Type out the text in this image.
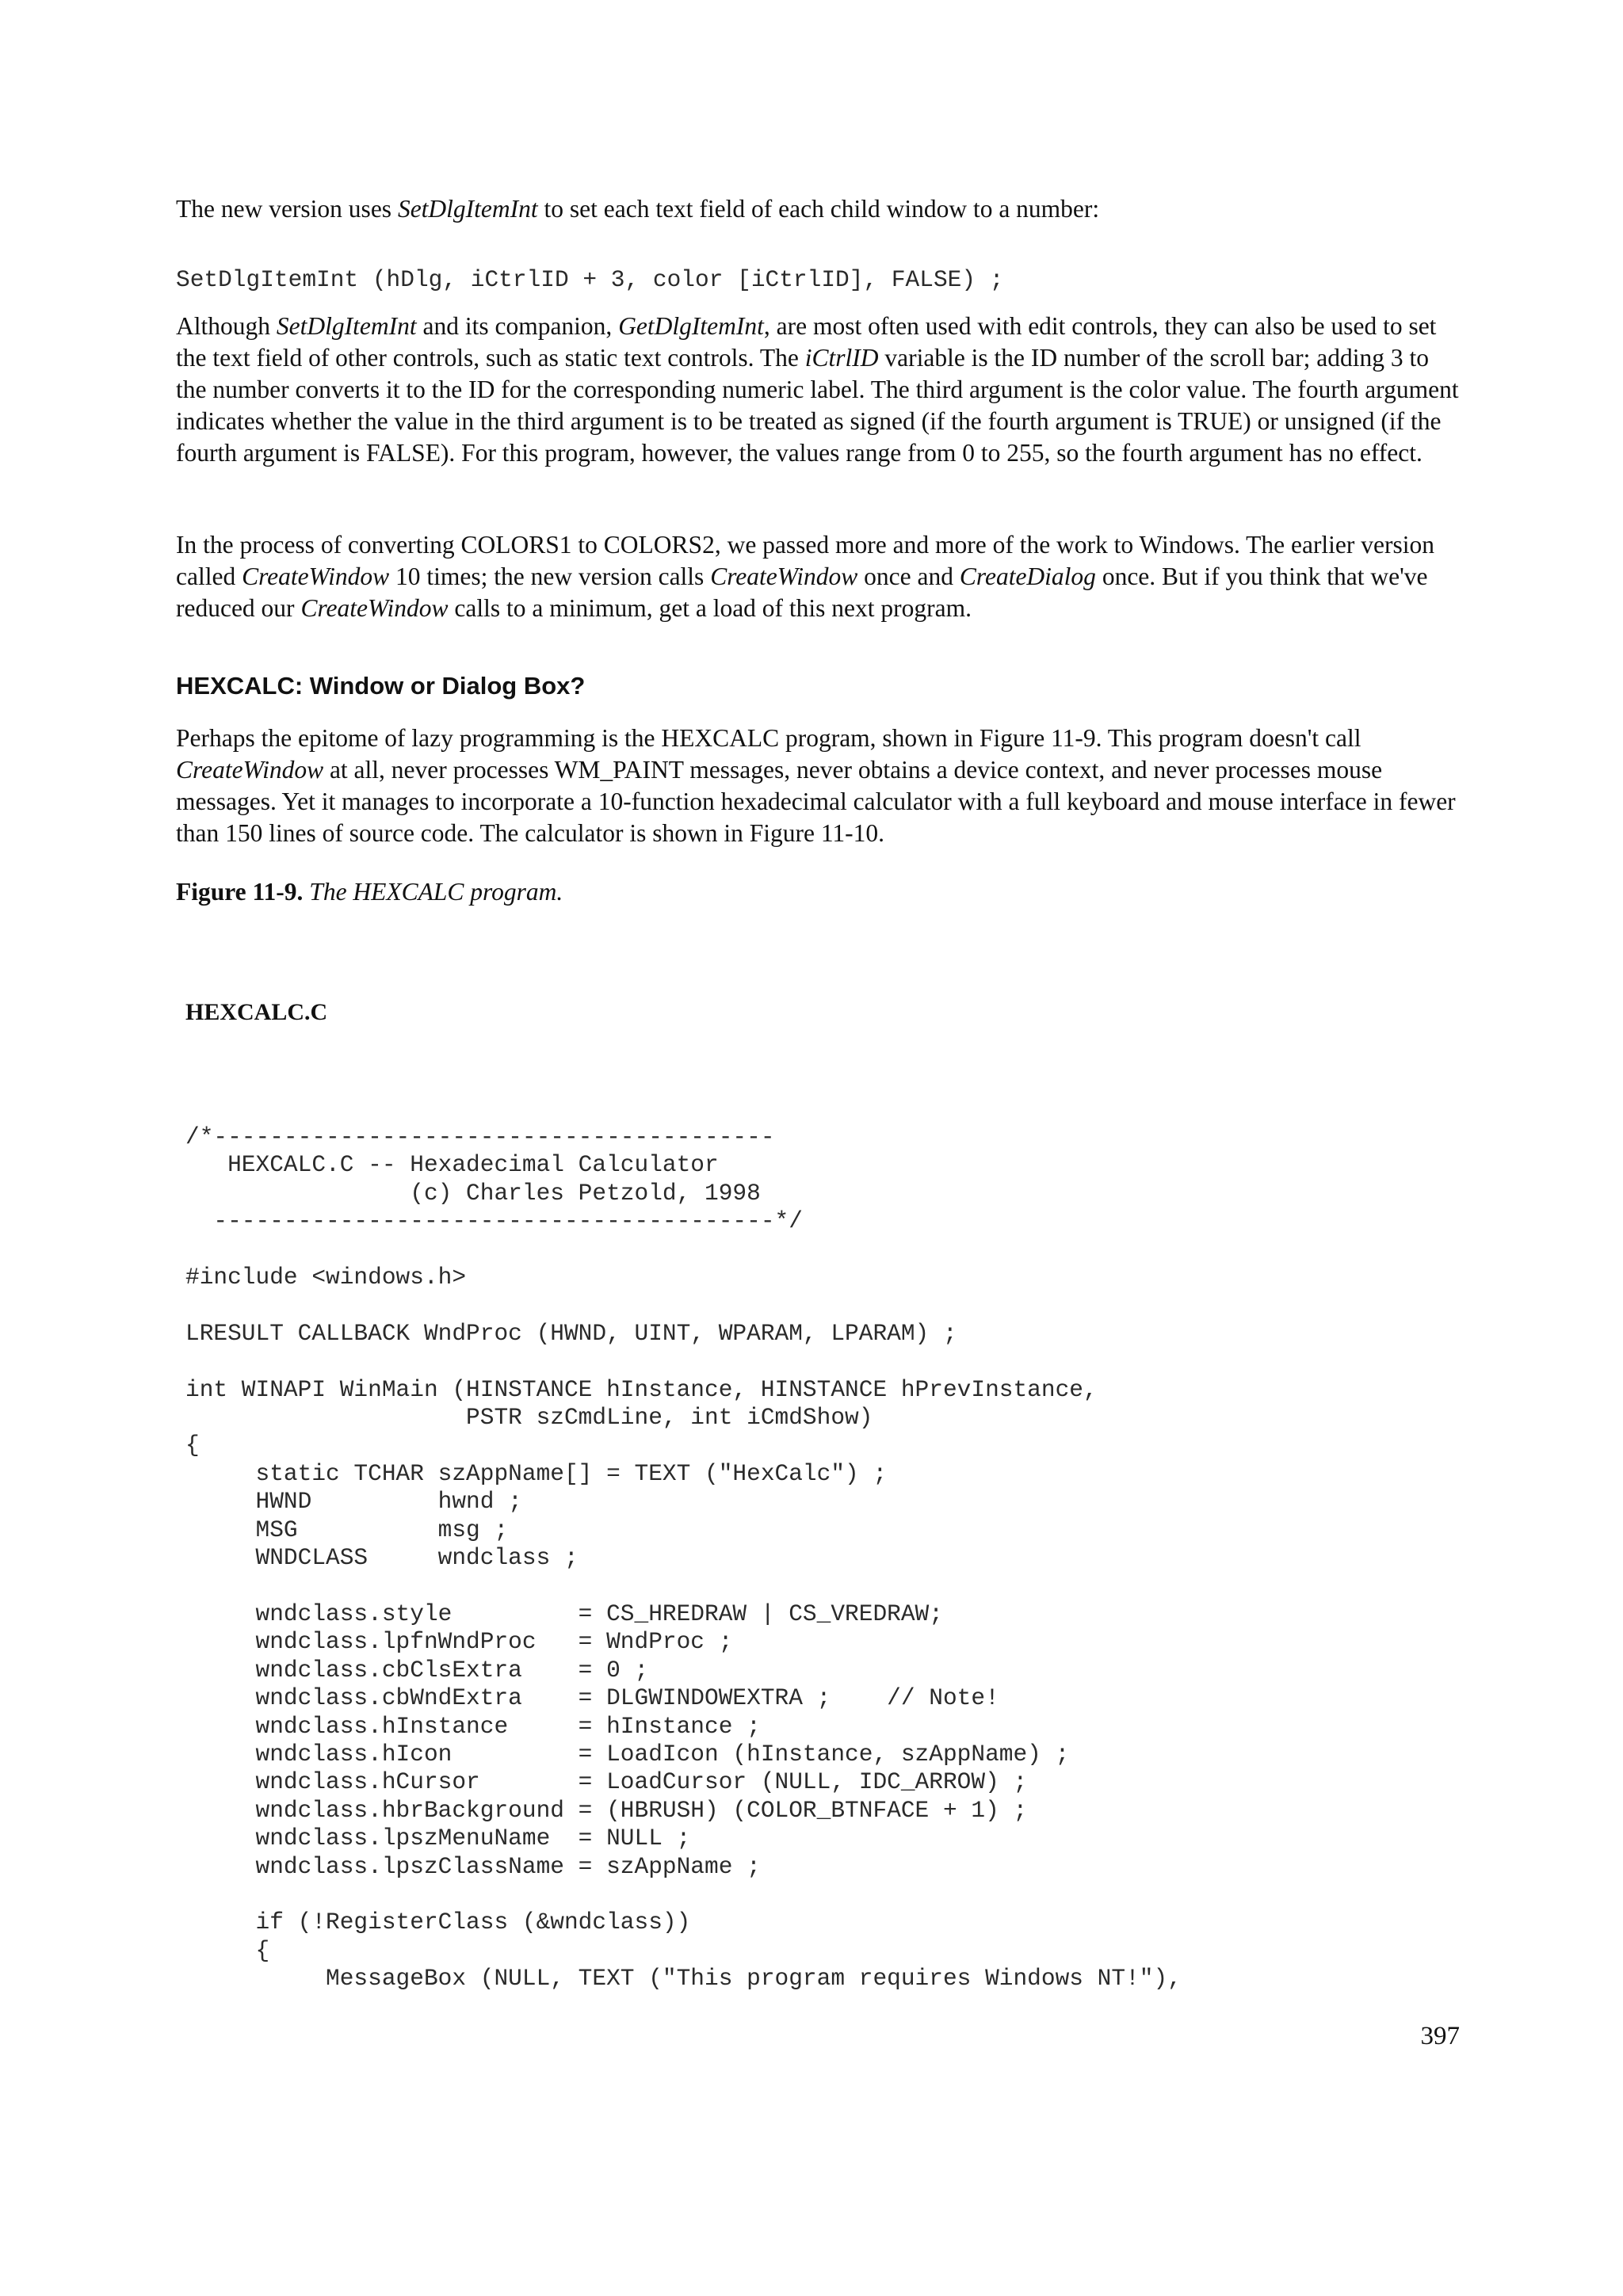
The new version uses SetDlgItemInt to set each text field of each child window to a number:

SetDlgItemInt (hDlg, iCtrlID + 3, color [iCtrlID], FALSE) ;

Although SetDlgItemInt and its companion, GetDlgItemInt, are most often used with edit controls, they can also be used to set the text field of other controls, such as static text controls. The iCtrlID variable is the ID number of the scroll bar; adding 3 to the number converts it to the ID for the corresponding numeric label. The third argument is the color value. The fourth argument indicates whether the value in the third argument is to be treated as signed (if the fourth argument is TRUE) or unsigned (if the fourth argument is FALSE). For this program, however, the values range from 0 to 255, so the fourth argument has no effect.

In the process of converting COLORS1 to COLORS2, we passed more and more of the work to Windows. The earlier version called CreateWindow 10 times; the new version calls CreateWindow once and CreateDialog once. But if you think that we've reduced our CreateWindow calls to a minimum, get a load of this next program.

HEXCALC: Window or Dialog Box?

Perhaps the epitome of lazy programming is the HEXCALC program, shown in Figure 11-9. This program doesn't call CreateWindow at all, never processes WM_PAINT messages, never obtains a device context, and never processes mouse messages. Yet it manages to incorporate a 10-function hexadecimal calculator with a full keyboard and mouse interface in fewer than 150 lines of source code. The calculator is shown in Figure 11-10.

Figure 11-9. The HEXCALC program.

HEXCALC.C
/*----------------------------------------
HEXCALC.C -- Hexadecimal Calculator
(c) Charles Petzold, 1998
----------------------------------------*/

#include <windows.h>

LRESULT CALLBACK WndProc (HWND, UINT, WPARAM, LPARAM) ;

int WINAPI WinMain (HINSTANCE hInstance, HINSTANCE hPrevInstance,
PSTR szCmdLine, int iCmdShow)
{
static TCHAR szAppName[] = TEXT ("HexCalc") ;
HWND         hwnd ;
MSG          msg ;
WNDCLASS     wndclass ;

wndclass.style         = CS_HREDRAW | CS_VREDRAW;
wndclass.lpfnWndProc   = WndProc ;
wndclass.cbClsExtra    = 0 ;
wndclass.cbWndExtra    = DLGWINDOWEXTRA ;    // Note!
wndclass.hInstance     = hInstance ;
wndclass.hIcon         = LoadIcon (hInstance, szAppName) ;
wndclass.hCursor       = LoadCursor (NULL, IDC_ARROW) ;
wndclass.hbrBackground = (HBRUSH) (COLOR_BTNFACE + 1) ;
wndclass.lpszMenuName  = NULL ;
wndclass.lpszClassName = szAppName ;

if (!RegisterClass (&wndclass))
{
MessageBox (NULL, TEXT ("This program requires Windows NT!"),
397
